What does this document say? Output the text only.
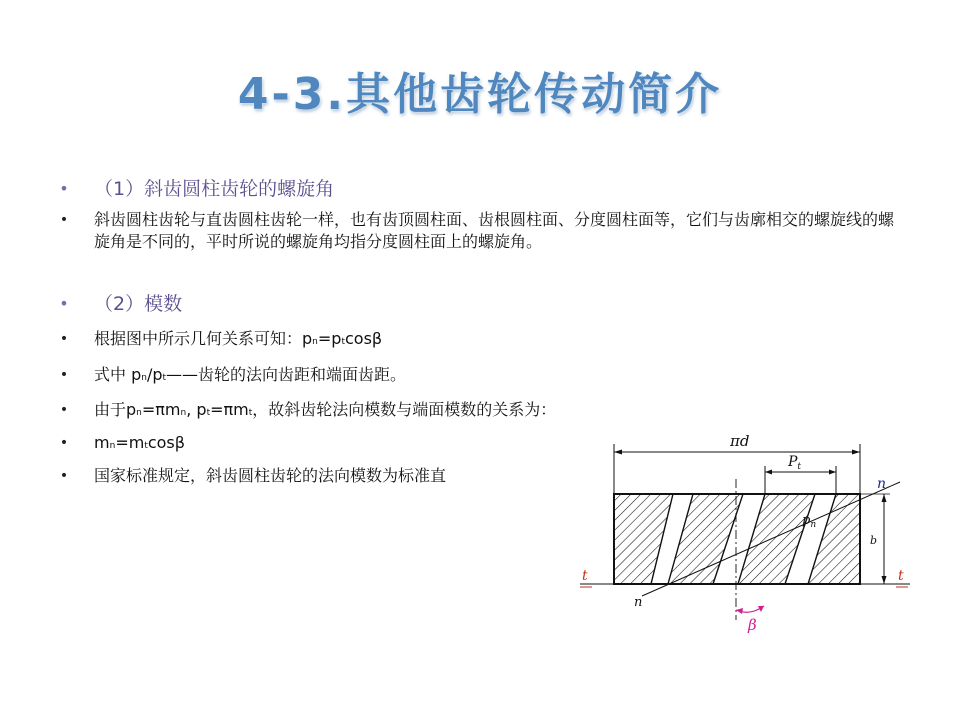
4-3.其他齿轮传动简介
• （1）斜齿圆柱齿轮的螺旋角
• 斜齿圆柱齿轮与直齿圆柱齿轮一样，也有齿顶圆柱面、齿根圆柱面、分度圆柱面等，它们与齿廓相交的螺旋线的螺旋角是不同的，平时所说的螺旋角均指分度圆柱面上的螺旋角。
• （2）模数
• 根据图中所示几何关系可知：pn=ptcosβ
• 式中 pn/pt——齿轮的法向齿距和端面齿距。
• 由于pn=πmn, pt=πmt，故斜齿轮法向模数与端面模数的关系为：
• mn=mtcosβ
• 国家标准规定，斜齿圆柱齿轮的法向模数为标准直
πd
$P_t$
n
n
$p_n$
b
t	t
β
